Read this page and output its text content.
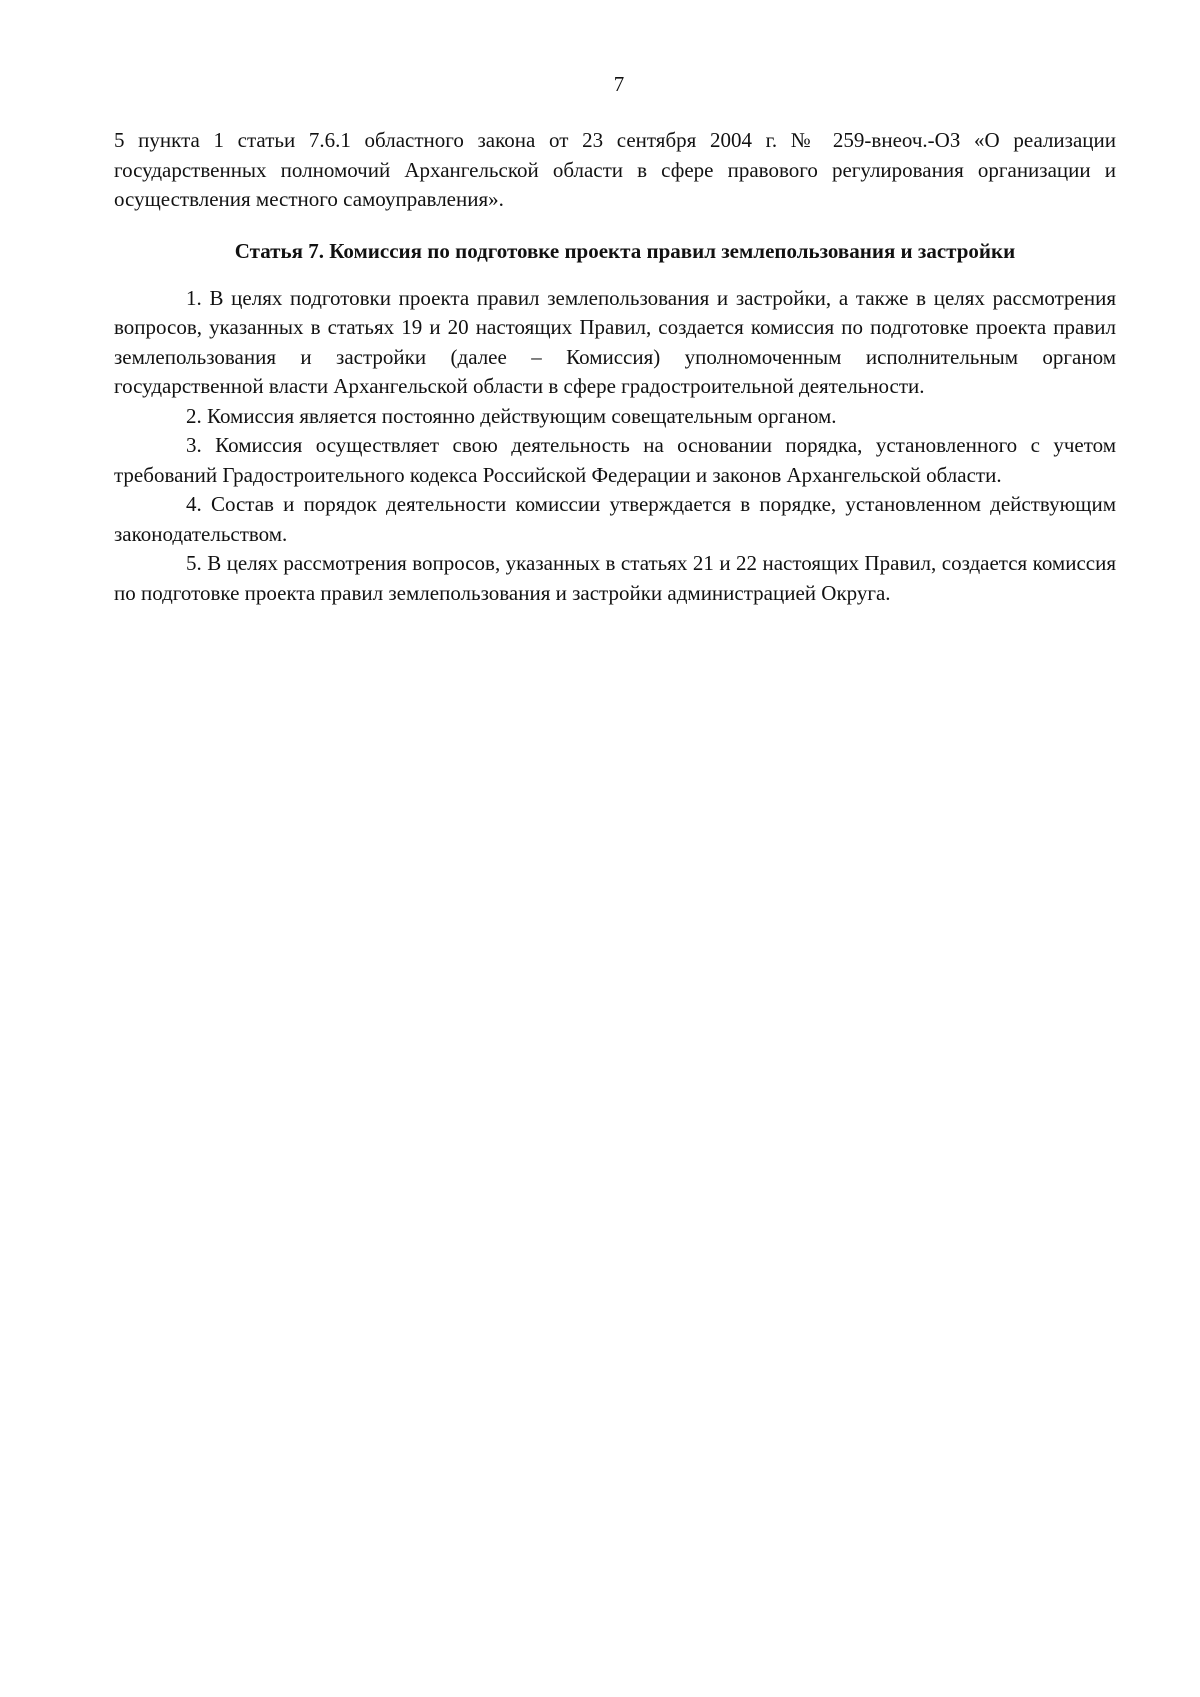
7

5 пункта 1 статьи 7.6.1 областного закона от 23 сентября 2004 г. № 259-внеоч.-ОЗ «О реализации государственных полномочий Архангельской области в сфере правового регулирования организации и осуществления местного самоуправления».

Статья 7. Комиссия по подготовке проекта правил землепользования и застройки

1. В целях подготовки проекта правил землепользования и застройки, а также в целях рассмотрения вопросов, указанных в статьях 19 и 20 настоящих Правил, создается комиссия по подготовке проекта правил землепользования и застройки (далее – Комиссия) уполномоченным исполнительным органом государственной власти Архангельской области в сфере градостроительной деятельности.

2. Комиссия является постоянно действующим совещательным органом.

3. Комиссия осуществляет свою деятельность на основании порядка, установленного с учетом требований Градостроительного кодекса Российской Федерации и законов Архангельской области.

4. Состав и порядок деятельности комиссии утверждается в порядке, установленном действующим законодательством.

5. В целях рассмотрения вопросов, указанных в статьях 21 и 22 настоящих Правил, создается комиссия по подготовке проекта правил землепользования и застройки администрацией Округа.
